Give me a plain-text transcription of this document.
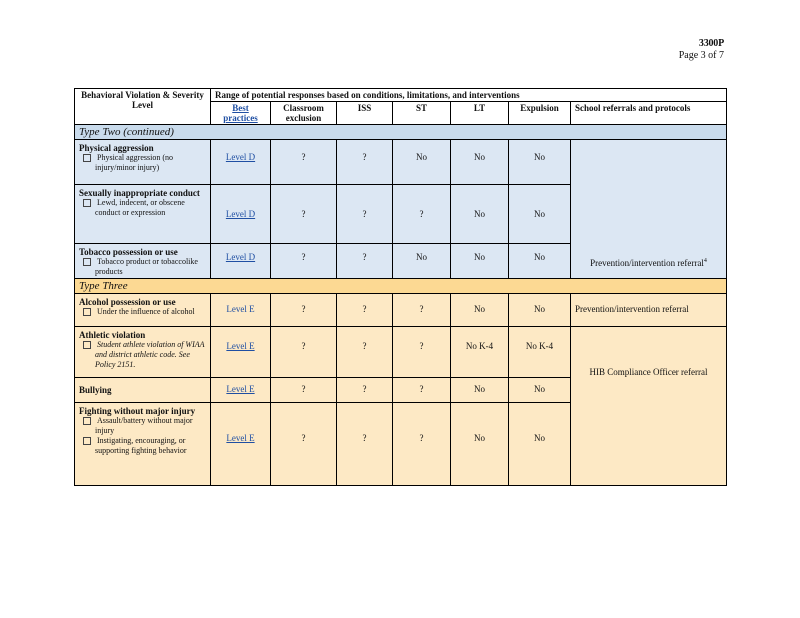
3300P
Page 3 of 7
Behavioral Violation & Severity Level	Range of potential responses based on conditions, limitations, and interventions						
	Best practices	Classroom exclusion	ISS	ST	LT	Expulsion	School referrals and protocols
Type Two (continued)							

Physical aggression
Physical aggression (no injury/minor injury)	Level D	?	?	No	No	No	Prevention/intervention referral$^4$

Sexually inappropriate conduct
Lewd, indecent, or obscene conduct or expression	Level D	?	?	?	No	No	

Tobacco possession or use
Tobacco product or tobaccolike products	Level D	?	?	No	No	No	
Type Three							

Alcohol possession or use
Under the influence of alcohol	Level E	?	?	?	No	No	Prevention/intervention referral

Athletic violation
Student athlete violation of WIAA and district athletic code. See Policy 2151.	Level E	?	?	?	No K-4	No K-4	HIB Compliance Officer referral

Bullying	Level E	?	?	?	No	No	

Fighting without major injury
Assault/battery without major injury
Instigating, encouraging, or supporting fighting behavior	Level E	?	?	?	No	No	
